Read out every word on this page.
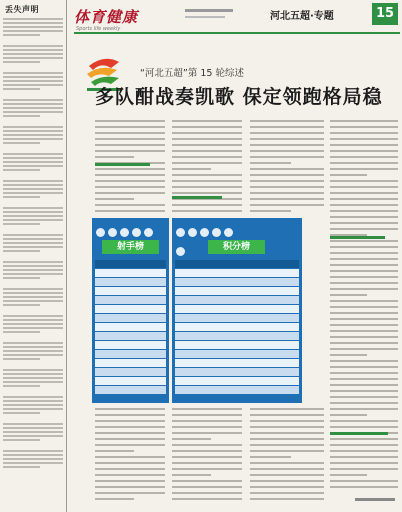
丢失声明	体育健康
Sports life weekly
河北五超·专题	15
“河北五超”第 15 轮综述
多队酣战奏凯歌 保定领跑格局稳
射手榜	积分榜
